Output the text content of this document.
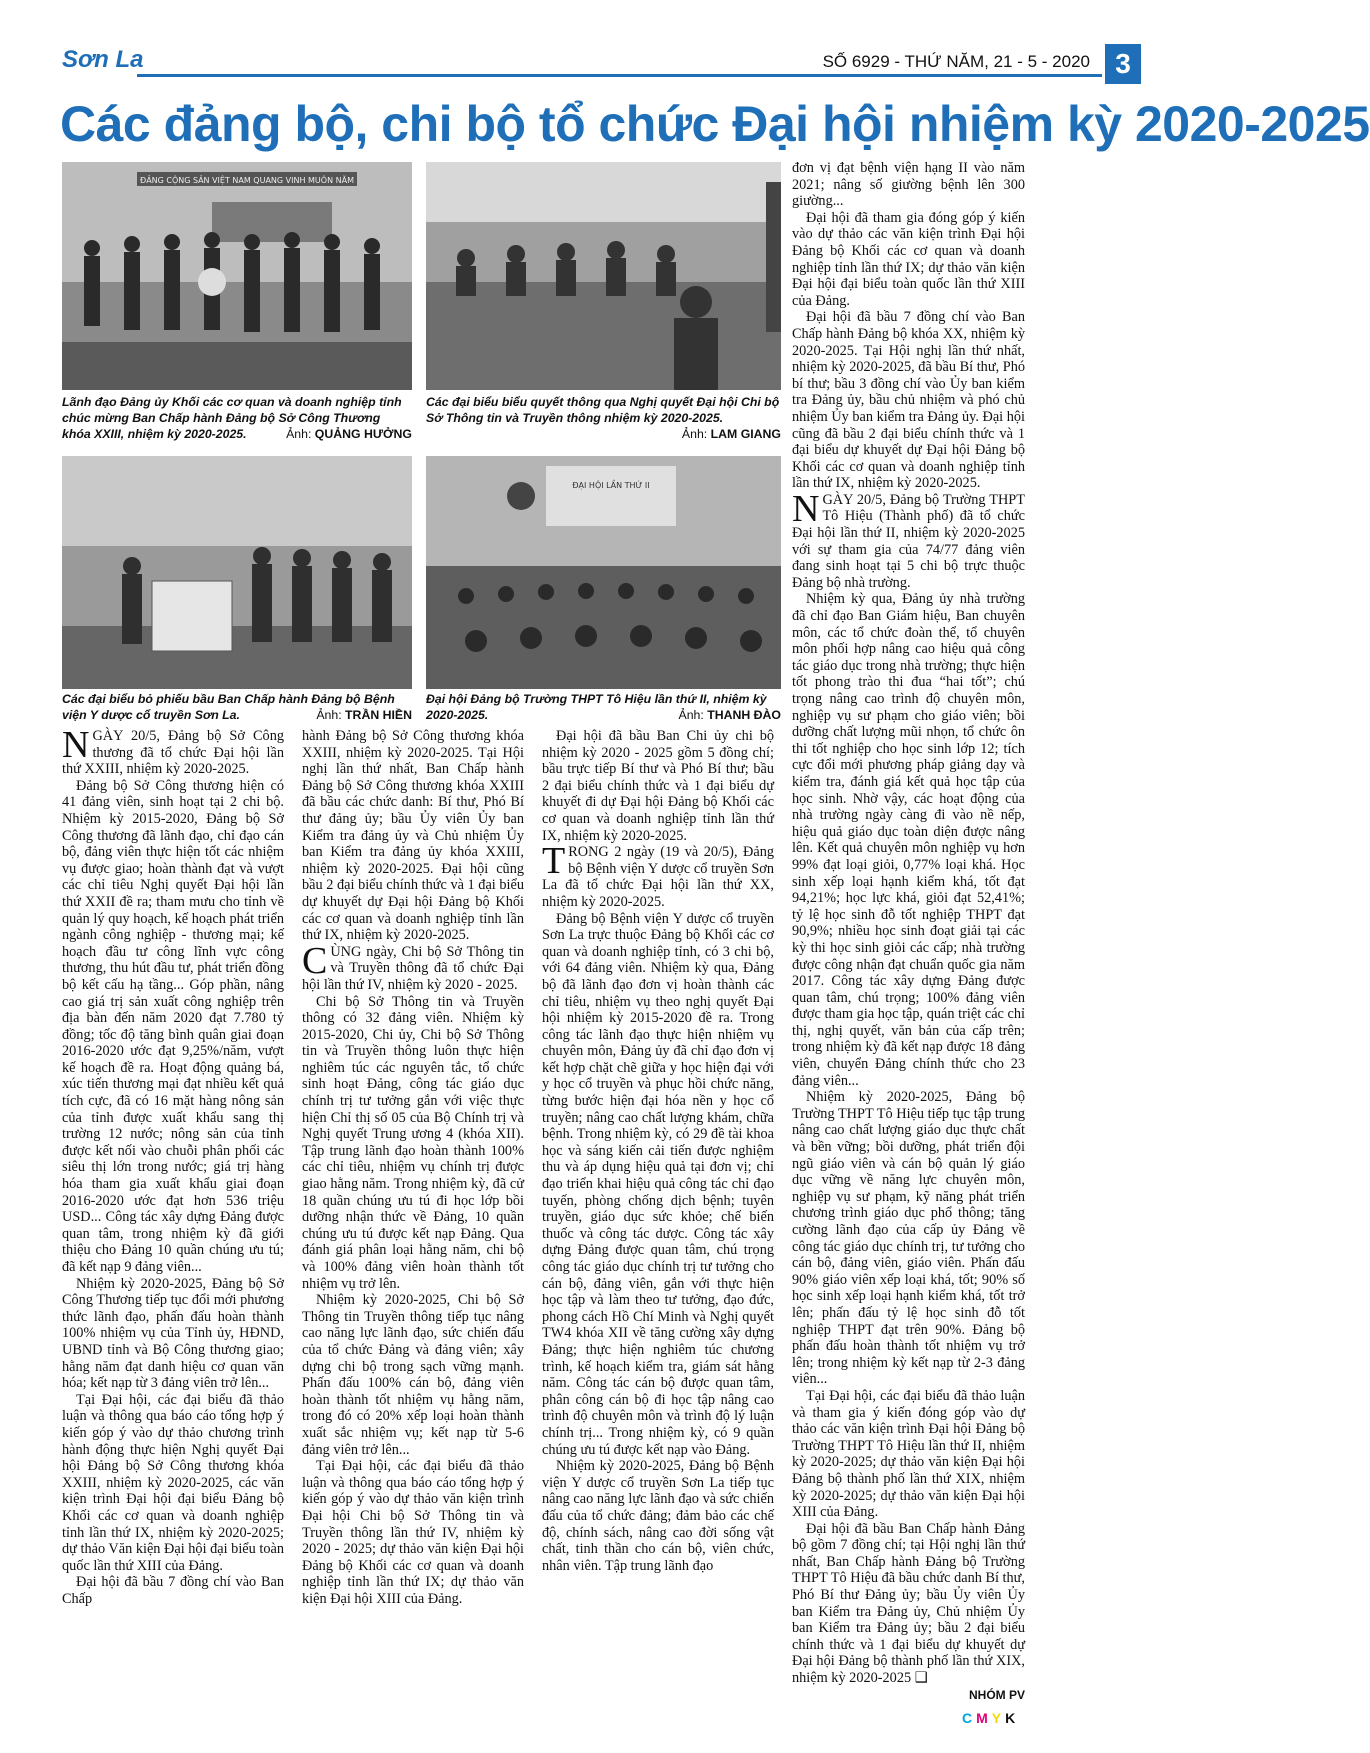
Sơn La	SỐ 6929 - THỨ NĂM, 21 - 5 - 2020 3
Các đảng bộ, chi bộ tổ chức Đại hội nhiệm kỳ 2020-2025
ĐẢNG CỘNG SẢN VIỆT NAM QUANG VINH MUÔN NĂM
Lãnh đạo Đảng ủy Khối các cơ quan và doanh nghiệp tỉnh chúc mừng Ban Chấp hành Đảng bộ Sở Công Thương khóa XXIII, nhiệm kỳ 2020-2025.	Ảnh: QUẢNG HƯỞNG
Các đại biểu biểu quyết thông qua Nghị quyết Đại hội Chi bộ Sở Thông tin và Truyền thông nhiệm kỳ 2020-2025.
Ảnh: LAM GIANG
Các đại biểu bỏ phiếu bầu Ban Chấp hành Đảng bộ Bệnh viện Y dược cổ truyền Sơn La.	Ảnh: TRẦN HIỀN
ĐẠI HỘI LẦN THỨ II
Đại hội Đảng bộ Trường THPT Tô Hiệu lần thứ II, nhiệm kỳ 2020-2025.	Ảnh: THANH ĐÀO

NGÀY 20/5, Đảng bộ Sở Công thương đã tổ chức Đại hội lần thứ XXIII, nhiệm kỳ 2020-2025.

Đảng bộ Sở Công thương hiện có 41 đảng viên, sinh hoạt tại 2 chi bộ. Nhiệm kỳ 2015-2020, Đảng bộ Sở Công thương đã lãnh đạo, chỉ đạo cán bộ, đảng viên thực hiện tốt các nhiệm vụ được giao; hoàn thành đạt và vượt các chỉ tiêu Nghị quyết Đại hội lần thứ XXII đề ra; tham mưu cho tỉnh về quản lý quy hoạch, kế hoạch phát triển ngành công nghiệp - thương mại; kế hoạch đầu tư công lĩnh vực công thương, thu hút đầu tư, phát triển đồng bộ kết cấu hạ tầng... Góp phần, nâng cao giá trị sản xuất công nghiệp trên địa bàn đến năm 2020 đạt 7.780 tỷ đồng; tốc độ tăng bình quân giai đoạn 2016-2020 ước đạt 9,25%/năm, vượt kế hoạch đề ra. Hoạt động quảng bá, xúc tiến thương mại đạt nhiều kết quả tích cực, đã có 16 mặt hàng nông sản của tỉnh được xuất khẩu sang thị trường 12 nước; nông sản của tỉnh được kết nối vào chuỗi phân phối các siêu thị lớn trong nước; giá trị hàng hóa tham gia xuất khẩu giai đoạn 2016-2020 ước đạt hơn 536 triệu USD... Công tác xây dựng Đảng được quan tâm, trong nhiệm kỳ đã giới thiệu cho Đảng 10 quần chúng ưu tú; đã kết nạp 9 đảng viên...

Nhiệm kỳ 2020-2025, Đảng bộ Sở Công Thương tiếp tục đổi mới phương thức lãnh đạo, phấn đấu hoàn thành 100% nhiệm vụ của Tỉnh ủy, HĐND, UBND tỉnh và Bộ Công thương giao; hằng năm đạt danh hiệu cơ quan văn hóa; kết nạp từ 3 đảng viên trở lên...

Tại Đại hội, các đại biểu đã thảo luận và thông qua báo cáo tổng hợp ý kiến góp ý vào dự thảo chương trình hành động thực hiện Nghị quyết Đại hội Đảng bộ Sở Công thương khóa XXIII, nhiệm kỳ 2020-2025, các văn kiện trình Đại hội đại biểu Đảng bộ Khối các cơ quan và doanh nghiệp tỉnh lần thứ IX, nhiệm kỳ 2020-2025; dự thảo Văn kiện Đại hội đại biểu toàn quốc lần thứ XIII của Đảng.

Đại hội đã bầu 7 đồng chí vào Ban Chấp

hành Đảng bộ Sở Công thương khóa XXIII, nhiệm kỳ 2020-2025. Tại Hội nghị lần thứ nhất, Ban Chấp hành Đảng bộ Sở Công thương khóa XXIII đã bầu các chức danh: Bí thư, Phó Bí thư đảng ủy; bầu Ủy viên Ủy ban Kiểm tra đảng ủy và Chủ nhiệm Ủy ban Kiểm tra đảng ủy khóa XXIII, nhiệm kỳ 2020-2025. Đại hội cũng bầu 2 đại biểu chính thức và 1 đại biểu dự khuyết dự Đại hội Đảng bộ Khối các cơ quan và doanh nghiệp tỉnh lần thứ IX, nhiệm kỳ 2020-2025.

CÙNG ngày, Chi bộ Sở Thông tin và Truyền thông đã tổ chức Đại hội lần thứ IV, nhiệm kỳ 2020 - 2025.

Chi bộ Sở Thông tin và Truyền thông có 32 đảng viên. Nhiệm kỳ 2015-2020, Chi ủy, Chi bộ Sở Thông tin và Truyền thông luôn thực hiện nghiêm túc các nguyên tắc, tổ chức sinh hoạt Đảng, công tác giáo dục chính trị tư tưởng gắn với việc thực hiện Chỉ thị số 05 của Bộ Chính trị và Nghị quyết Trung ương 4 (khóa XII). Tập trung lãnh đạo hoàn thành 100% các chỉ tiêu, nhiệm vụ chính trị được giao hằng năm. Trong nhiệm kỳ, đã cử 18 quần chúng ưu tú đi học lớp bồi dưỡng nhận thức về Đảng, 10 quần chúng ưu tú được kết nạp Đảng. Qua đánh giá phân loại hằng năm, chi bộ và 100% đảng viên hoàn thành tốt nhiệm vụ trở lên.

Nhiệm kỳ 2020-2025, Chi bộ Sở Thông tin Truyền thông tiếp tục nâng cao năng lực lãnh đạo, sức chiến đấu của tổ chức Đảng và đảng viên; xây dựng chi bộ trong sạch vững mạnh. Phấn đấu 100% cán bộ, đảng viên hoàn thành tốt nhiệm vụ hằng năm, trong đó có 20% xếp loại hoàn thành xuất sắc nhiệm vụ; kết nạp từ 5-6 đảng viên trở lên...

Tại Đại hội, các đại biểu đã thảo luận và thông qua báo cáo tổng hợp ý kiến góp ý vào dự thảo văn kiện trình Đại hội Chi bộ Sở Thông tin và Truyền thông lần thứ IV, nhiệm kỳ 2020 - 2025; dự thảo văn kiện Đại hội Đảng bộ Khối các cơ quan và doanh nghiệp tỉnh lần thứ IX; dự thảo văn kiện Đại hội XIII của Đảng.

Đại hội đã bầu Ban Chi ủy chi bộ nhiệm kỳ 2020 - 2025 gồm 5 đồng chí; bầu trực tiếp Bí thư và Phó Bí thư; bầu 2 đại biểu chính thức và 1 đại biểu dự khuyết đi dự Đại hội Đảng bộ Khối các cơ quan và doanh nghiệp tỉnh lần thứ IX, nhiệm kỳ 2020-2025.

TRONG 2 ngày (19 và 20/5), Đảng bộ Bệnh viện Y dược cổ truyền Sơn La đã tổ chức Đại hội lần thứ XX, nhiệm kỳ 2020-2025.

Đảng bộ Bệnh viện Y dược cổ truyền Sơn La trực thuộc Đảng bộ Khối các cơ quan và doanh nghiệp tỉnh, có 3 chi bộ, với 64 đảng viên. Nhiệm kỳ qua, Đảng bộ đã lãnh đạo đơn vị hoàn thành các chỉ tiêu, nhiệm vụ theo nghị quyết Đại hội nhiệm kỳ 2015-2020 đề ra. Trong công tác lãnh đạo thực hiện nhiệm vụ chuyên môn, Đảng ủy đã chỉ đạo đơn vị kết hợp chặt chẽ giữa y học hiện đại với y học cổ truyền và phục hồi chức năng, từng bước hiện đại hóa nền y học cổ truyền; nâng cao chất lượng khám, chữa bệnh. Trong nhiệm kỳ, có 29 đề tài khoa học và sáng kiến cải tiến được nghiệm thu và áp dụng hiệu quả tại đơn vị; chỉ đạo triển khai hiệu quả công tác chỉ đạo tuyến, phòng chống dịch bệnh; tuyên truyền, giáo dục sức khỏe; chế biến thuốc và công tác dược. Công tác xây dựng Đảng được quan tâm, chú trọng công tác giáo dục chính trị tư tưởng cho cán bộ, đảng viên, gắn với thực hiện học tập và làm theo tư tưởng, đạo đức, phong cách Hồ Chí Minh và Nghị quyết TW4 khóa XII về tăng cường xây dựng Đảng; thực hiện nghiêm túc chương trình, kế hoạch kiểm tra, giám sát hằng năm. Công tác cán bộ được quan tâm, phân công cán bộ đi học tập nâng cao trình độ chuyên môn và trình độ lý luận chính trị... Trong nhiệm kỳ, có 9 quần chúng ưu tú được kết nạp vào Đảng.

Nhiệm kỳ 2020-2025, Đảng bộ Bệnh viện Y dược cổ truyền Sơn La tiếp tục nâng cao năng lực lãnh đạo và sức chiến đấu của tổ chức đảng; đảm bảo các chế độ, chính sách, nâng cao đời sống vật chất, tinh thần cho cán bộ, viên chức, nhân viên. Tập trung lãnh đạo

đơn vị đạt bệnh viện hạng II vào năm 2021; nâng số giường bệnh lên 300 giường...

Đại hội đã tham gia đóng góp ý kiến vào dự thảo các văn kiện trình Đại hội Đảng bộ Khối các cơ quan và doanh nghiệp tỉnh lần thứ IX; dự thảo văn kiện Đại hội đại biểu toàn quốc lần thứ XIII của Đảng.

Đại hội đã bầu 7 đồng chí vào Ban Chấp hành Đảng bộ khóa XX, nhiệm kỳ 2020-2025. Tại Hội nghị lần thứ nhất, nhiệm kỳ 2020-2025, đã bầu Bí thư, Phó bí thư; bầu 3 đồng chí vào Ủy ban kiểm tra Đảng ủy, bầu chủ nhiệm và phó chủ nhiệm Ủy ban kiểm tra Đảng ủy. Đại hội cũng đã bầu 2 đại biểu chính thức và 1 đại biểu dự khuyết dự Đại hội Đảng bộ Khối các cơ quan và doanh nghiệp tỉnh lần thứ IX, nhiệm kỳ 2020-2025.

NGÀY 20/5, Đảng bộ Trường THPT Tô Hiệu (Thành phố) đã tổ chức Đại hội lần thứ II, nhiệm kỳ 2020-2025 với sự tham gia của 74/77 đảng viên đang sinh hoạt tại 5 chi bộ trực thuộc Đảng bộ nhà trường.

Nhiệm kỳ qua, Đảng ủy nhà trường đã chỉ đạo Ban Giám hiệu, Ban chuyên môn, các tổ chức đoàn thể, tổ chuyên môn phối hợp nâng cao hiệu quả công tác giáo dục trong nhà trường; thực hiện tốt phong trào thi đua “hai tốt”; chú trọng nâng cao trình độ chuyên môn, nghiệp vụ sư phạm cho giáo viên; bồi dưỡng chất lượng mũi nhọn, tổ chức ôn thi tốt nghiệp cho học sinh lớp 12; tích cực đổi mới phương pháp giảng dạy và kiểm tra, đánh giá kết quả học tập của học sinh. Nhờ vậy, các hoạt động của nhà trường ngày càng đi vào nề nếp, hiệu quả giáo dục toàn diện được nâng lên. Kết quả chuyên môn nghiệp vụ hơn 99% đạt loại giỏi, 0,77% loại khá. Học sinh xếp loại hạnh kiểm khá, tốt đạt 94,21%; học lực khá, giỏi đạt 52,41%; tỷ lệ học sinh đỗ tốt nghiệp THPT đạt 90,9%; nhiều học sinh đoạt giải tại các kỳ thi học sinh giỏi các cấp; nhà trường được công nhận đạt chuẩn quốc gia năm 2017. Công tác xây dựng Đảng được quan tâm, chú trọng; 100% đảng viên được tham gia học tập, quán triệt các chỉ thị, nghị quyết, văn bản của cấp trên; trong nhiệm kỳ đã kết nạp được 18 đảng viên, chuyển Đảng chính thức cho 23 đảng viên...

Nhiệm kỳ 2020-2025, Đảng bộ Trường THPT Tô Hiệu tiếp tục tập trung nâng cao chất lượng giáo dục thực chất và bền vững; bồi dưỡng, phát triển đội ngũ giáo viên và cán bộ quản lý giáo dục vững về năng lực chuyên môn, nghiệp vụ sư phạm, kỹ năng phát triển chương trình giáo dục phổ thông; tăng cường lãnh đạo của cấp ủy Đảng về công tác giáo dục chính trị, tư tưởng cho cán bộ, đảng viên, giáo viên. Phấn đấu 90% giáo viên xếp loại khá, tốt; 90% số học sinh xếp loại hạnh kiểm khá, tốt trở lên; phấn đấu tỷ lệ học sinh đỗ tốt nghiệp THPT đạt trên 90%. Đảng bộ phấn đấu hoàn thành tốt nhiệm vụ trở lên; trong nhiệm kỳ kết nạp từ 2-3 đảng viên...

Tại Đại hội, các đại biểu đã thảo luận và tham gia ý kiến đóng góp vào dự thảo các văn kiện trình Đại hội Đảng bộ Trường THPT Tô Hiệu lần thứ II, nhiệm kỳ 2020-2025; dự thảo văn kiện Đại hội Đảng bộ thành phố lần thứ XIX, nhiệm kỳ 2020-2025; dự thảo văn kiện Đại hội XIII của Đảng.

Đại hội đã bầu Ban Chấp hành Đảng bộ gồm 7 đồng chí; tại Hội nghị lần thứ nhất, Ban Chấp hành Đảng bộ Trường THPT Tô Hiệu đã bầu chức danh Bí thư, Phó Bí thư Đảng ủy; bầu Ủy viên Ủy ban Kiểm tra Đảng ủy, Chủ nhiệm Ủy ban Kiểm tra Đảng ủy; bầu 2 đại biểu chính thức và 1 đại biểu dự khuyết dự Đại hội Đảng bộ thành phố lần thứ XIX, nhiệm kỳ 2020-2025 ❑

NHÓM PV
CMYK
